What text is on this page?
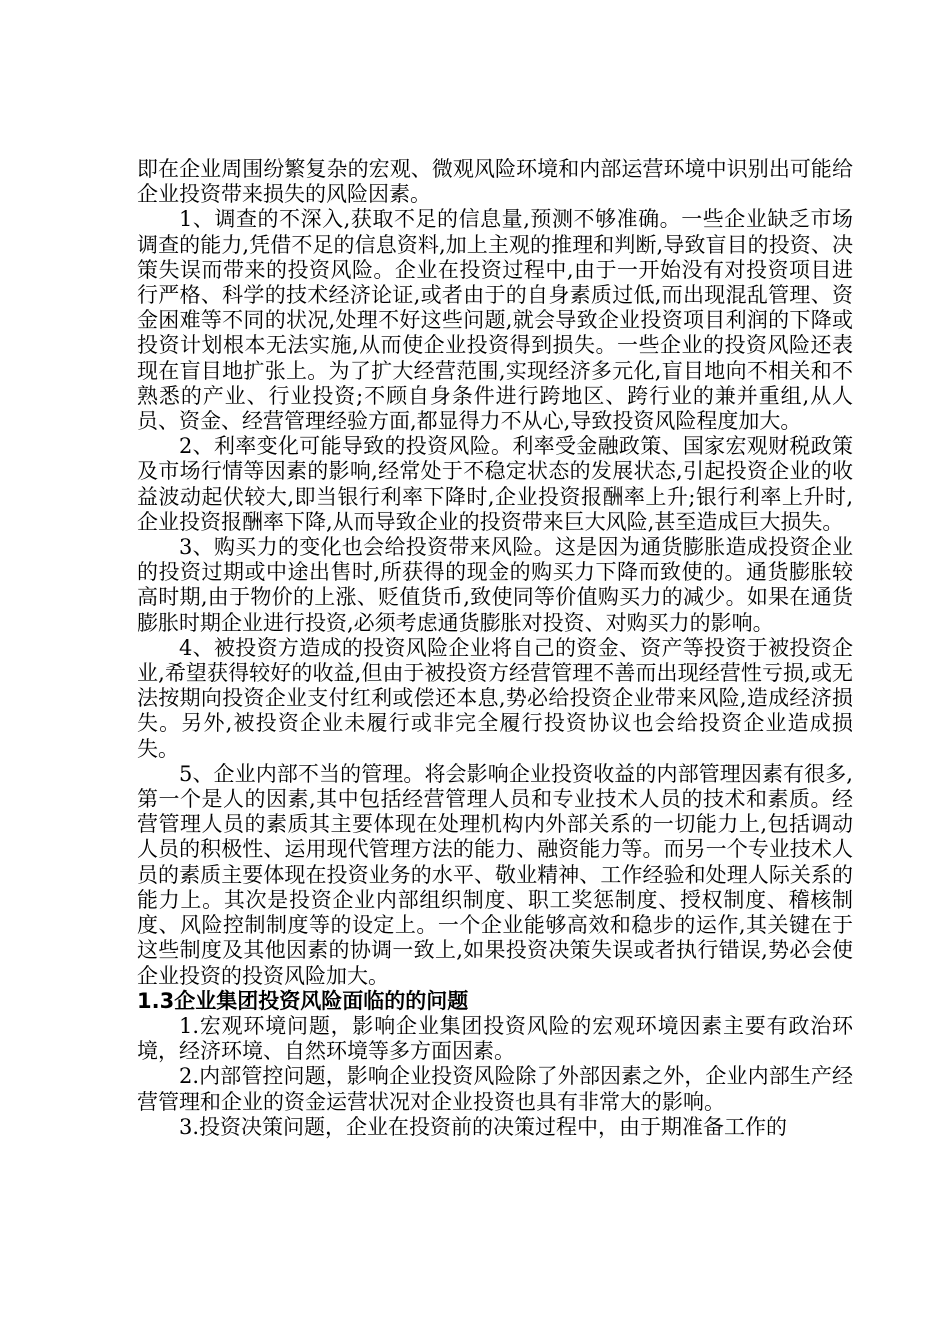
即在企业周围纷繁复杂的宏观、微观风险环境和内部运营环境中识别出可能给企业投资带来损失的风险因素。

1、调查的不深入,获取不足的信息量,预测不够准确。一些企业缺乏市场调查的能力,凭借不足的信息资料,加上主观的推理和判断,导致盲目的投资、决策失误而带来的投资风险。企业在投资过程中,由于一开始没有对投资项目进行严格、科学的技术经济论证,或者由于的自身素质过低,而出现混乱管理、资金困难等不同的状况,处理不好这些问题,就会导致企业投资项目利润的下降或投资计划根本无法实施,从而使企业投资得到损失。一些企业的投资风险还表现在盲目地扩张上。为了扩大经营范围,实现经济多元化,盲目地向不相关和不熟悉的产业、行业投资;不顾自身条件进行跨地区、跨行业的兼并重组,从人员、资金、经营管理经验方面,都显得力不从心,导致投资风险程度加大。

2、利率变化可能导致的投资风险。利率受金融政策、国家宏观财税政策及市场行情等因素的影响,经常处于不稳定状态的发展状态,引起投资企业的收益波动起伏较大,即当银行利率下降时,企业投资报酬率上升;银行利率上升时,企业投资报酬率下降,从而导致企业的投资带来巨大风险,甚至造成巨大损失。

3、购买力的变化也会给投资带来风险。这是因为通货膨胀造成投资企业的投资过期或中途出售时,所获得的现金的购买力下降而致使的。通货膨胀较高时期,由于物价的上涨、贬值货币,致使同等价值购买力的减少。如果在通货膨胀时期企业进行投资,必须考虑通货膨胀对投资、对购买力的影响。

4、被投资方造成的投资风险企业将自己的资金、资产等投资于被投资企业,希望获得较好的收益,但由于被投资方经营管理不善而出现经营性亏损,或无法按期向投资企业支付红利或偿还本息,势必给投资企业带来风险,造成经济损失。另外,被投资企业未履行或非完全履行投资协议也会给投资企业造成损失。

5、企业内部不当的管理。将会影响企业投资收益的内部管理因素有很多,第一个是人的因素,其中包括经营管理人员和专业技术人员的技术和素质。经营管理人员的素质其主要体现在处理机构内外部关系的一切能力上,包括调动人员的积极性、运用现代管理方法的能力、融资能力等。而另一个专业技术人员的素质主要体现在投资业务的水平、敬业精神、工作经验和处理人际关系的能力上。其次是投资企业内部组织制度、职工奖惩制度、授权制度、稽核制度、风险控制制度等的设定上。一个企业能够高效和稳步的运作,其关键在于这些制度及其他因素的协调一致上,如果投资决策失误或者执行错误,势必会使企业投资的投资风险加大。

1.3企业集团投资风险面临的的问题

1.宏观环境问题，影响企业集团投资风险的宏观环境因素主要有政治环境，经济环境、自然环境等多方面因素。

2.内部管控问题，影响企业投资风险除了外部因素之外，企业内部生产经营管理和企业的资金运营状况对企业投资也具有非常大的影响。

3.投资决策问题，企业在投资前的决策过程中，由于期准备工作的
